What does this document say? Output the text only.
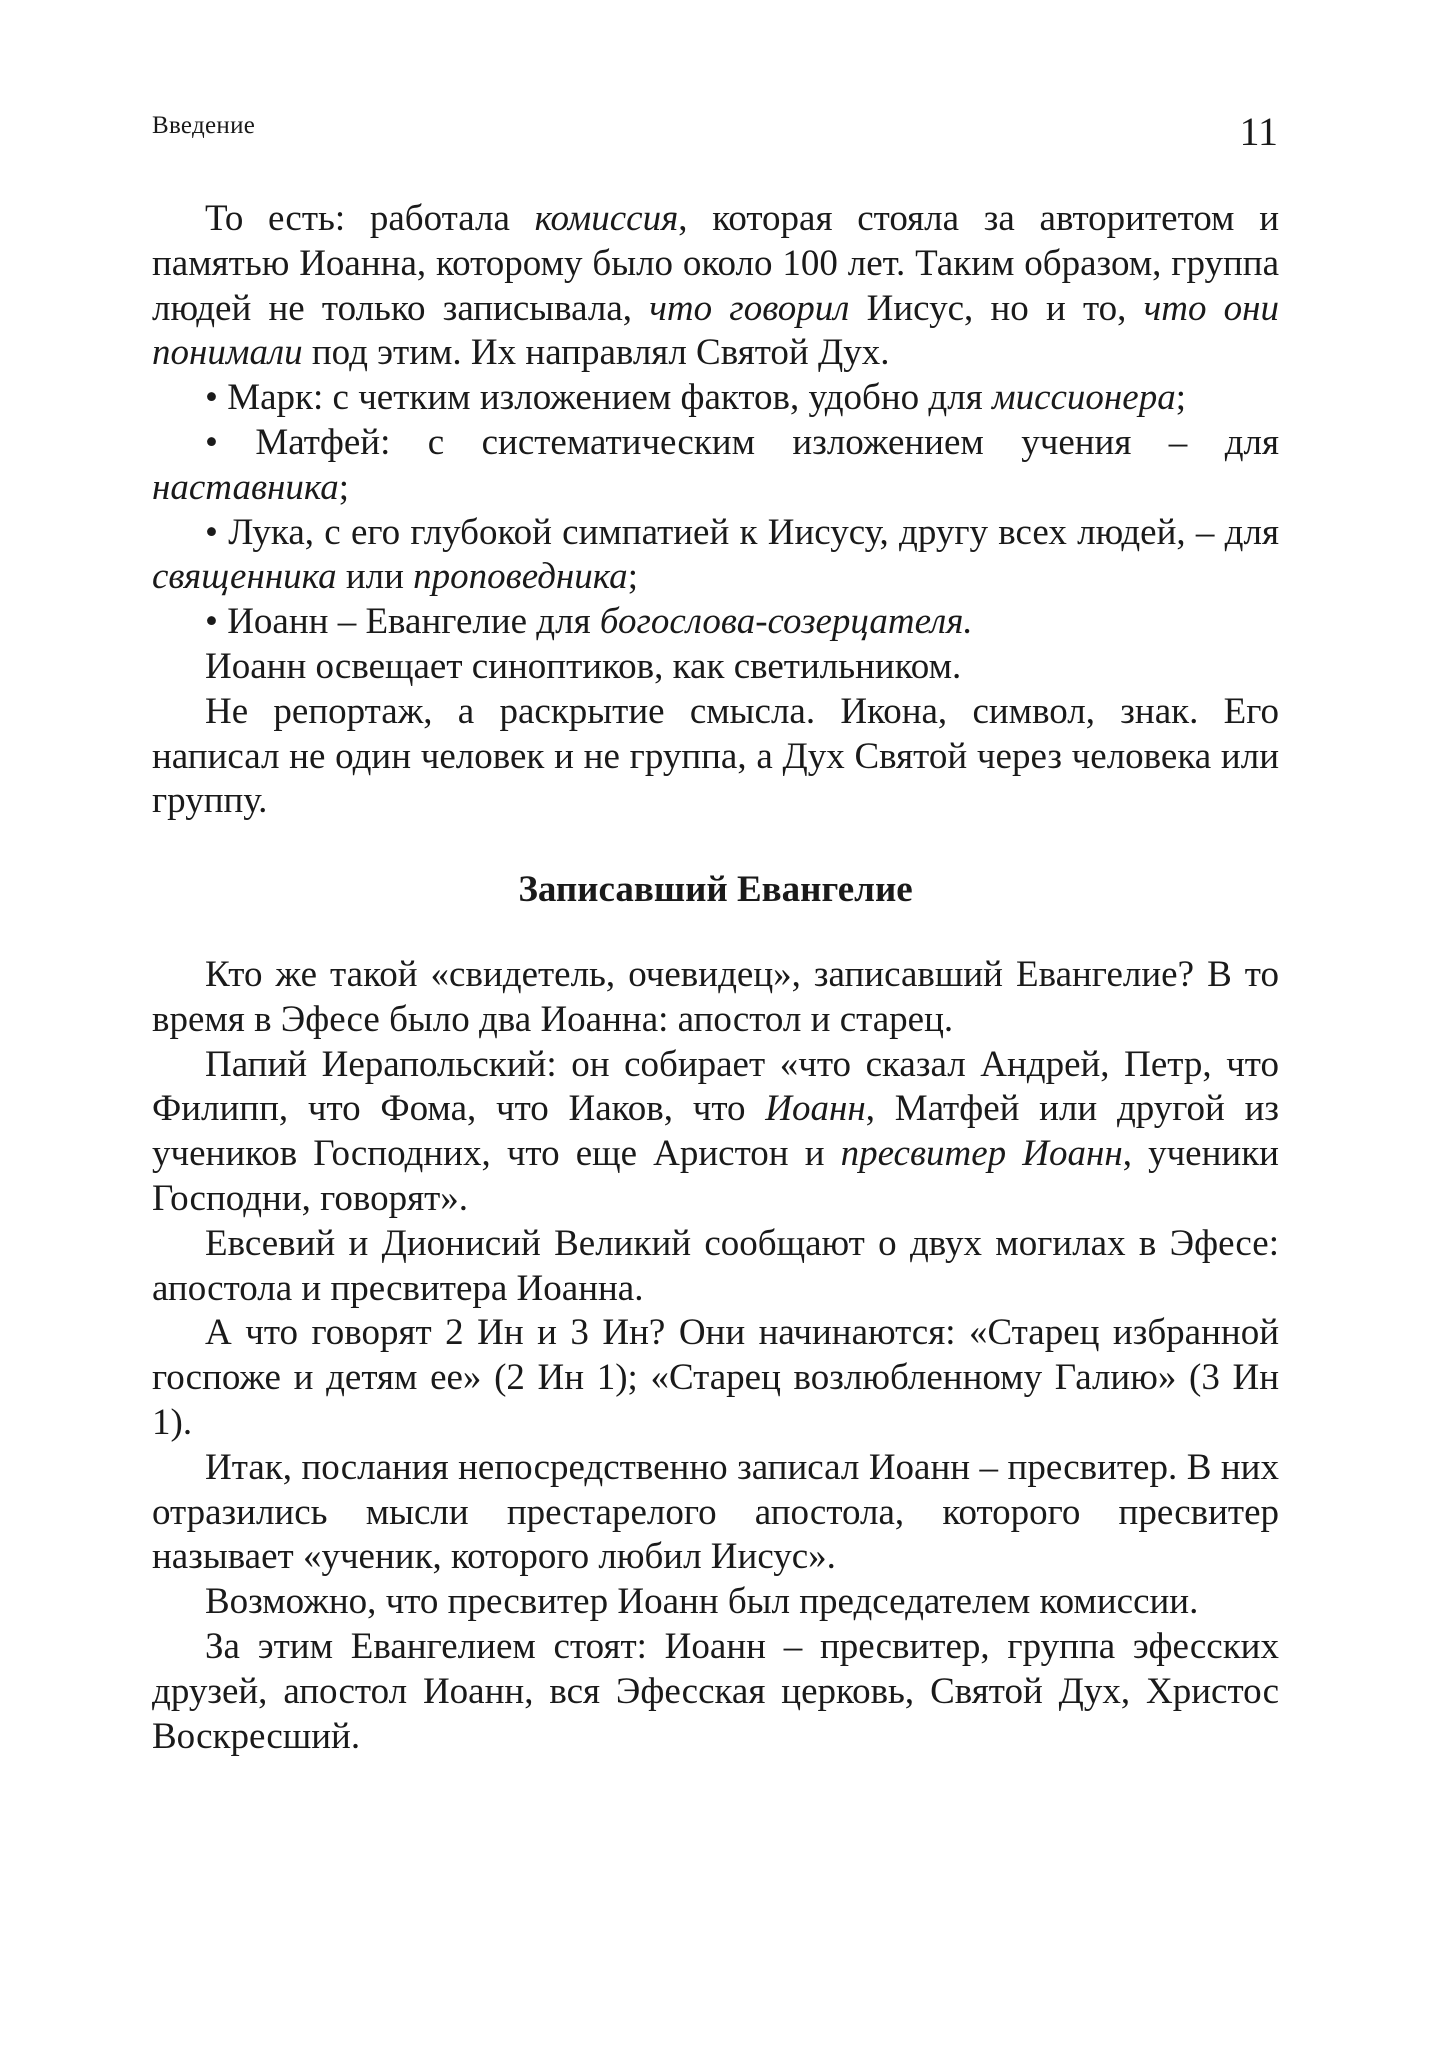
Введение	11

То есть: работала комиссия, которая стояла за авторитетом и памятью Иоанна, которому было около 100 лет. Таким образом, группа людей не только записывала, что говорил Иисус, но и то, что они понимали под этим. Их направлял Святой Дух.

• Марк: с четким изложением фактов, удобно для миссионера;

• Матфей: с систематическим изложением учения – для наставника;

• Лука, с его глубокой симпатией к Иисусу, другу всех людей, – для священника или проповедника;

• Иоанн – Евангелие для богослова-созерцателя.

Иоанн освещает синоптиков, как светильником.

Не репортаж, а раскрытие смысла. Икона, символ, знак. Его написал не один человек и не группа, а Дух Святой через человека или группу.

Записавший Евангелие

Кто же такой «свидетель, очевидец», записавший Евангелие? В то время в Эфесе было два Иоанна: апостол и старец.

Папий Иерапольский: он собирает «что сказал Андрей, Петр, что Филипп, что Фома, что Иаков, что Иоанн, Матфей или другой из учеников Господних, что еще Аристон и пресвитер Иоанн, ученики Господни, говорят».

Евсевий и Дионисий Великий сообщают о двух могилах в Эфесе: апостола и пресвитера Иоанна.

А что говорят 2 Ин и 3 Ин? Они начинаются: «Старец избранной госпоже и детям ее» (2 Ин 1); «Старец возлюбленному Галию» (3 Ин 1).

Итак, послания непосредственно записал Иоанн – пресвитер. В них отразились мысли престарелого апостола, которого пресвитер называет «ученик, которого любил Иисус».

Возможно, что пресвитер Иоанн был председателем комиссии.

За этим Евангелием стоят: Иоанн – пресвитер, группа эфесских друзей, апостол Иоанн, вся Эфесская церковь, Святой Дух, Христос Воскресший.
